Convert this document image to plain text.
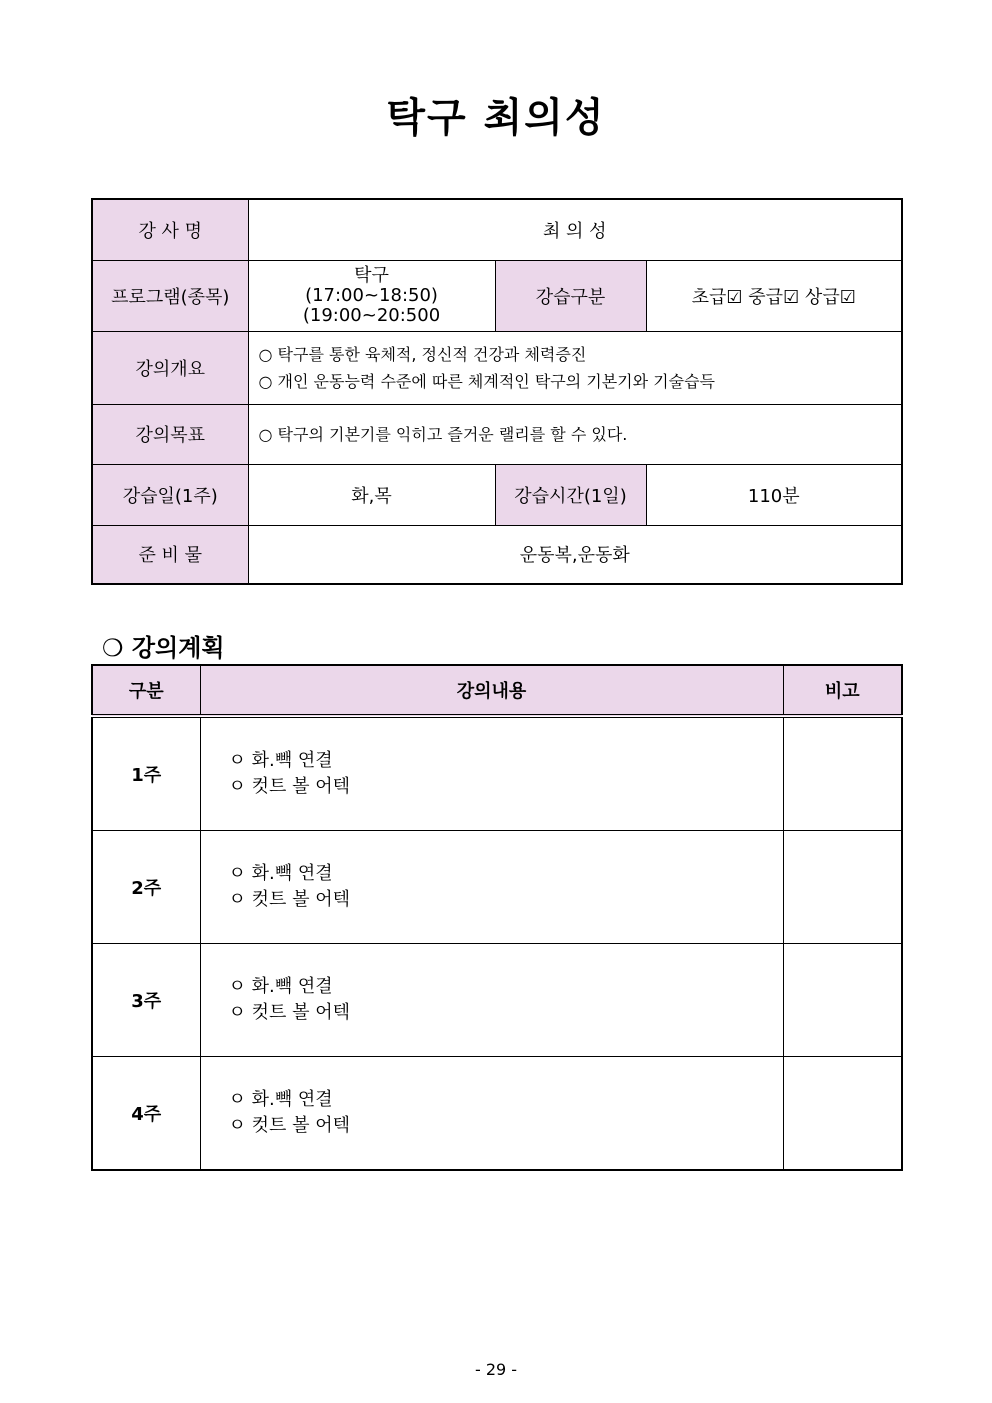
탁구 최의성
강 사 명	최 의 성		
프로그램(종목)	탁구
(17:00~18:50)
(19:00~20:500	강습구분	초급☑ 중급☑ 상급☑
강의개요	○ 탁구를 통한 육체적, 정신적 건강과 체력증진
○ 개인 운동능력 수준에 따른 체계적인 탁구의 기본기와 기술습득		

강의목표	○ 탁구의 기본기를 익히고 즐거운 랠리를 할 수 있다.		
강습일(1주)	화,목	강습시간(1일)	110분
준 비 물	운동복,운동화		
❍ 강의계획
구분	강의내용	비고
1주	ㅇ 화.빽 연결
ㅇ 컷트 볼 어텍	

2주	ㅇ 화.빽 연결
ㅇ 컷트 볼 어텍	

3주	ㅇ 화.빽 연결
ㅇ 컷트 볼 어텍	

4주	ㅇ 화.빽 연결
ㅇ 컷트 볼 어텍	

- 29 -
